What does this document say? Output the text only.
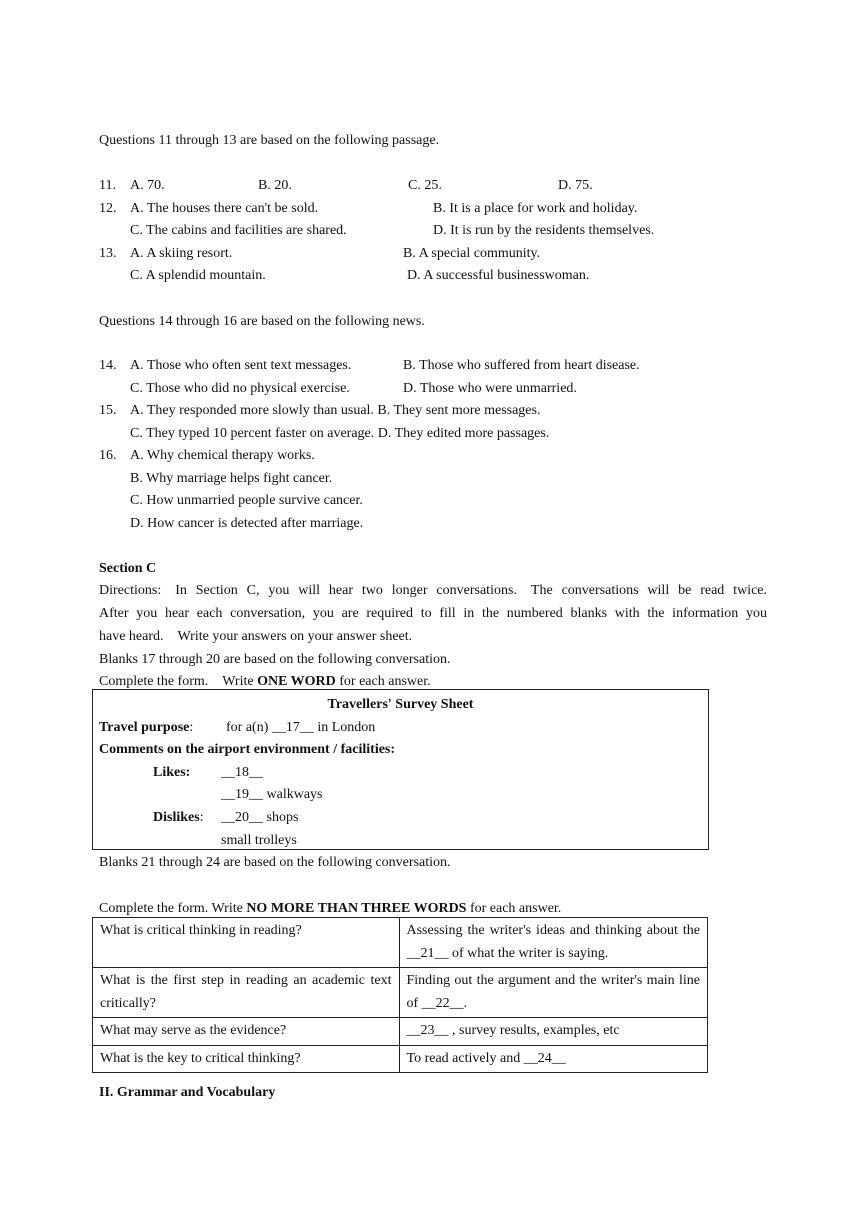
Questions 11 through 13 are based on the following passage.
11. A. 70.	B. 20.	C. 25.	D. 75.
12. A. The houses there can't be sold.	B. It is a place for work and holiday.
C. The cabins and facilities are shared.	D. It is run by the residents themselves.
13. A. A skiing resort.	B. A special community.
C. A splendid mountain.	D. A successful businesswoman.
Questions 14 through 16 are based on the following news.
14. A. Those who often sent text messages.	B. Those who suffered from heart disease.
C. Those who did no physical exercise.	D. Those who were unmarried.
15. A. They responded more slowly than usual. B. They sent more messages.
C. They typed 10 percent faster on average. D. They edited more passages.
16. A. Why chemical therapy works.
B. Why marriage helps fight cancer.
C. How unmarried people survive cancer.
D. How cancer is detected after marriage.
Section C
Directions: In Section C, you will hear two longer conversations. The conversations will be read twice.
After you hear each conversation, you are required to fill in the numbered blanks with the information you
have heard. Write your answers on your answer sheet.
Blanks 17 through 20 are based on the following conversation.
Complete the form. Write ONE WORD for each answer.
Travellers' Survey Sheet
Travel purpose: for a(n) __17__ in London
Comments on the airport environment / facilities:
Likes: __18__
__19__ walkways
Dislikes: __20__ shops
small trolleys
Blanks 21 through 24 are based on the following conversation.
Complete the form. Write NO MORE THAN THREE WORDS for each answer.
What is critical thinking in reading?	Assessing the writer's ideas and thinking about the __21__ of what the writer is saying.
What is the first step in reading an academic text critically?	Finding out the argument and the writer's main line of __22__.
What may serve as the evidence?	__23__ , survey results, examples, etc
What is the key to critical thinking?	To read actively and __24__
II. Grammar and Vocabulary
